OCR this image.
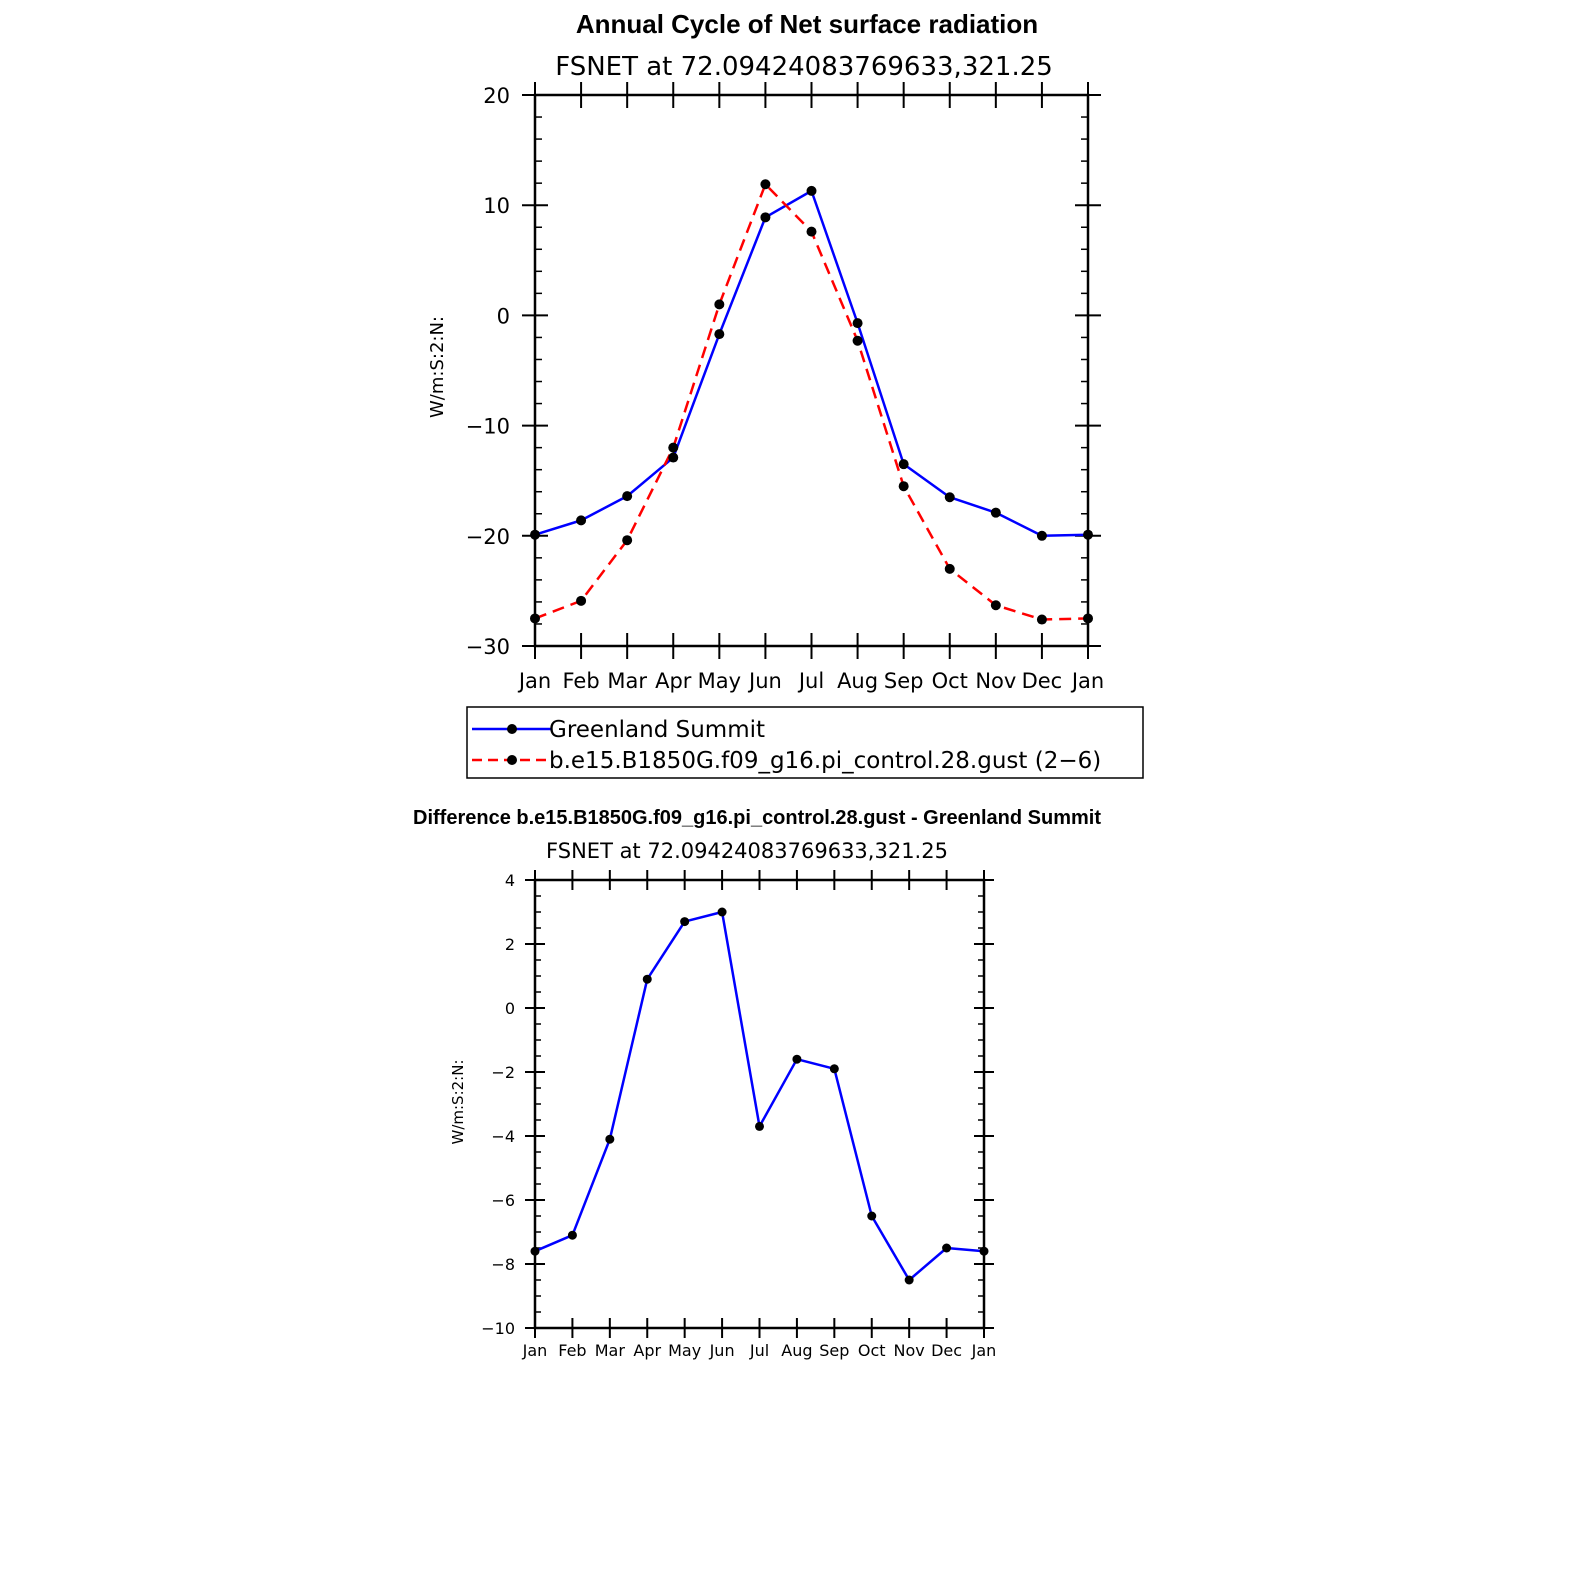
Annual Cycle of Net surface radiation
FSNET at 72.09424083769633,321.25
Jan Feb Mar Apr May Jun Jul Aug Sep Oct Nov Dec Jan
−30
−20
−10
0
10
20
W/m:S:2:N:
Greenland Summit
b.e15.B1850G.f09_g16.pi_control.28.gust (2−6)
Difference b.e15.B1850G.f09_g16.pi_control.28.gust - Greenland Summit
FSNET at 72.09424083769633,321.25
Jan Feb Mar Apr May Jun Jul Aug Sep Oct Nov Dec Jan
−10
−8
−6
−4
−2
0
2
4
W/m:S:2:N:
